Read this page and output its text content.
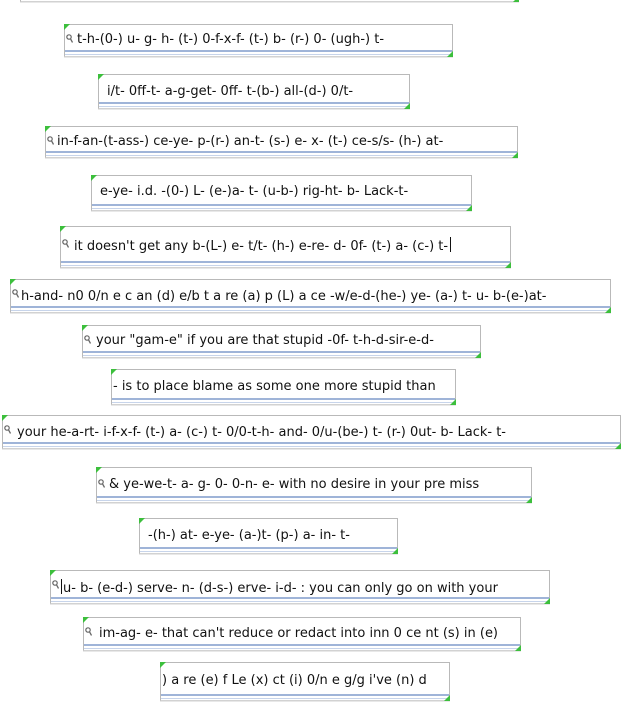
t-h-(0-) u- g- h- (t-) 0-f-x-f- (t-) b- (r-) 0- (ugh-) t-
i/t- 0ff-t- a-g-get- 0ff- t-(b-) all-(d-) 0/t-
in-f-an-(t-ass-) ce-ye- p-(r-) an-t- (s-) e- x- (t-) ce-s/s- (h-) at-
e-ye- i.d. -(0-) L- (e-)a- t- (u-b-) rig-ht- b- Lack-t-
it doesn't get any b-(L-) e- t/t- (h-) e-re- d- 0f- (t-) a- (c-) t-
h-and- n0 0/n e c an (d) e/b t a re (a) p (L) a ce -w/e-d-(he-) ye- (a-) t- u- b-(e-)at-
your "gam-e" if you are that stupid -0f- t-h-d-sir-e-d-
- is to place blame as some one more stupid than
your he-a-rt- i-f-x-f- (t-) a- (c-) t- 0/0-t-h- and- 0/u-(be-) t- (r-) 0ut- b- Lack- t-
& ye-we-t- a- g- 0- 0-n- e- with no desire in your pre miss
-(h-) at- e-ye- (a-)t- (p-) a- in- t-
u- b- (e-d-) serve- n- (d-s-) erve- i-d- : you can only go on with your
im-ag- e- that can't reduce or redact into inn 0 ce nt (s) in (e)
) a re (e) f Le (x) ct (i) 0/n e g/g i've (n) d
